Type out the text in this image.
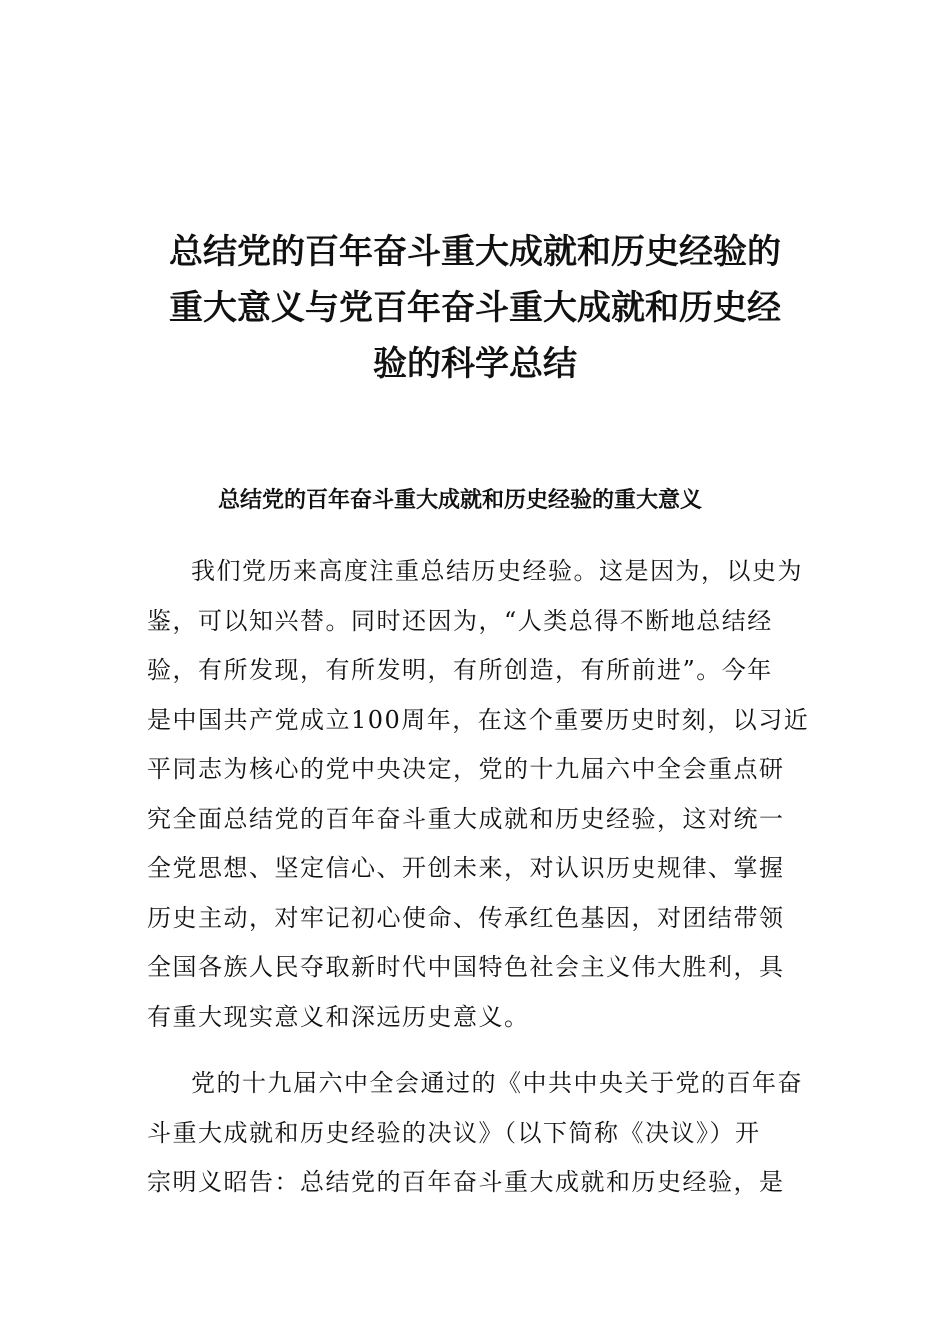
总结党的百年奋斗重大成就和历史经验的
重大意义与党百年奋斗重大成就和历史经
验的科学总结
总结党的百年奋斗重大成就和历史经验的重大意义
我们党历来高度注重总结历史经验。这是因为，以史为
鉴，可以知兴替。同时还因为，“人类总得不断地总结经
验，有所发现，有所发明，有所创造，有所前进”。今年
是中国共产党成立100周年，在这个重要历史时刻，以习近
平同志为核心的党中央决定，党的十九届六中全会重点研
究全面总结党的百年奋斗重大成就和历史经验，这对统一
全党思想、坚定信心、开创未来，对认识历史规律、掌握
历史主动，对牢记初心使命、传承红色基因，对团结带领
全国各族人民夺取新时代中国特色社会主义伟大胜利，具
有重大现实意义和深远历史意义。
党的十九届六中全会通过的《中共中央关于党的百年奋
斗重大成就和历史经验的决议》（以下简称《决议》）开
宗明义昭告：总结党的百年奋斗重大成就和历史经验，是
